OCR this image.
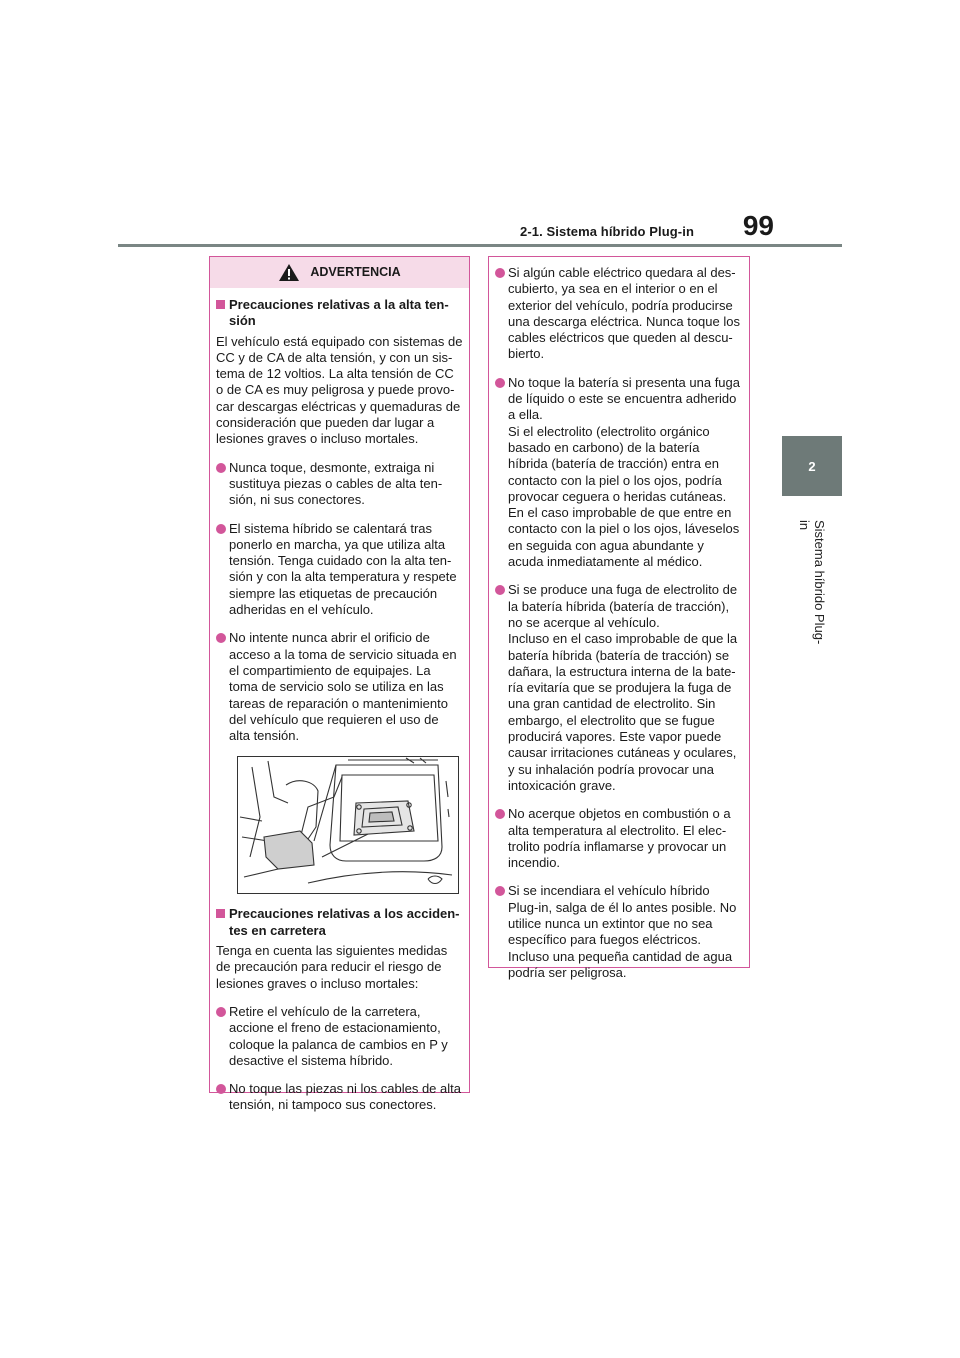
2-1. Sistema híbrido Plug-in 99
2
Sistema híbrido Plug-in
ADVERTENCIA
Precauciones relativas a la alta ten-
sión
El vehículo está equipado con sistemas de
CC y de CA de alta tensión, y con un sis-
tema de 12 voltios. La alta tensión de CC
o de CA es muy peligrosa y puede provo-
car descargas eléctricas y quemaduras de
consideración que pueden dar lugar a
lesiones graves o incluso mortales.
Nunca toque, desmonte, extraiga ni
sustituya piezas o cables de alta ten-
sión, ni sus conectores.
El sistema híbrido se calentará tras
ponerlo en marcha, ya que utiliza alta
tensión. Tenga cuidado con la alta ten-
sión y con la alta temperatura y respete
siempre las etiquetas de precaución
adheridas en el vehículo.
No intente nunca abrir el orificio de
acceso a la toma de servicio situada en
el compartimiento de equipajes. La
toma de servicio solo se utiliza en las
tareas de reparación o mantenimiento
del vehículo que requieren el uso de
alta tensión.
Precauciones relativas a los acciden-
tes en carretera
Tenga en cuenta las siguientes medidas
de precaución para reducir el riesgo de
lesiones graves o incluso mortales:
Retire el vehículo de la carretera,
accione el freno de estacionamiento,
coloque la palanca de cambios en P y
desactive el sistema híbrido.
No toque las piezas ni los cables de alta
tensión, ni tampoco sus conectores.
Si algún cable eléctrico quedara al des-
cubierto, ya sea en el interior o en el
exterior del vehículo, podría producirse
una descarga eléctrica. Nunca toque los
cables eléctricos que queden al descu-
bierto.
No toque la batería si presenta una fuga
de líquido o este se encuentra adherido
a ella.
Si el electrolito (electrolito orgánico
basado en carbono) de la batería
híbrida (batería de tracción) entra en
contacto con la piel o los ojos, podría
provocar ceguera o heridas cutáneas.
En el caso improbable de que entre en
contacto con la piel o los ojos, láveselos
en seguida con agua abundante y
acuda inmediatamente al médico.
Si se produce una fuga de electrolito de
la batería híbrida (batería de tracción),
no se acerque al vehículo.
Incluso en el caso improbable de que la
batería híbrida (batería de tracción) se
dañara, la estructura interna de la bate-
ría evitaría que se produjera la fuga de
una gran cantidad de electrolito. Sin
embargo, el electrolito que se fugue
producirá vapores. Este vapor puede
causar irritaciones cutáneas y oculares,
y su inhalación podría provocar una
intoxicación grave.
No acerque objetos en combustión o a
alta temperatura al electrolito. El elec-
trolito podría inflamarse y provocar un
incendio.
Si se incendiara el vehículo híbrido
Plug-in, salga de él lo antes posible. No
utilice nunca un extintor que no sea
específico para fuegos eléctricos.
Incluso una pequeña cantidad de agua
podría ser peligrosa.
